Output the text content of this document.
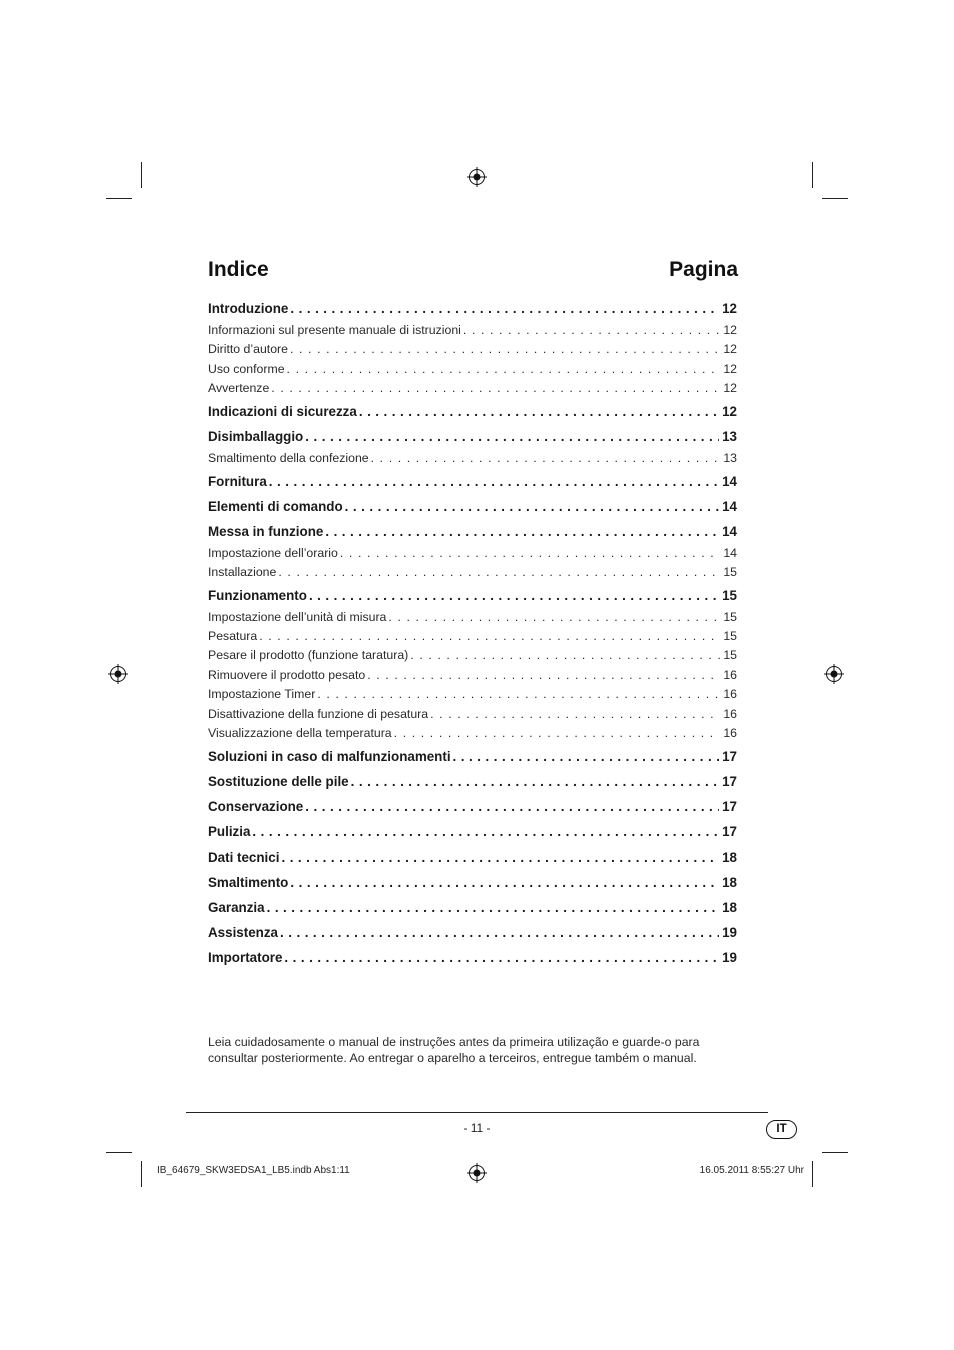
Indice	Pagina
Introduzione . . .	12
Informazioni sul presente manuale di istruzioni . . .	12
Diritto d’autore . . .	12
Uso conforme . . .	12
Avvertenze . . .	12
Indicazioni di sicurezza . . .	12
Disimballaggio . . .	13
Smaltimento della confezione . . .	13
Fornitura . . .	14
Elementi di comando . . .	14
Messa in funzione . . .	14
Impostazione dell’orario . . .	14
Installazione . . .	15
Funzionamento . . .	15
Impostazione dell’unità di misura . . .	15
Pesatura . . .	15
Pesare il prodotto (funzione taratura) . . .	15
Rimuovere il prodotto pesato . . .	16
Impostazione Timer . . .	16
Disattivazione della funzione di pesatura . . .	16
Visualizzazione della temperatura . . .	16
Soluzioni in caso di malfunzionamenti . . .	17
Sostituzione delle pile . . .	17
Conservazione . . .	17
Pulizia . . .	17
Dati tecnici . . .	18
Smaltimento . . .	18
Garanzia . . .	18
Assistenza . . .	19
Importatore . . .	19

Leia cuidadosamente o manual de instruções antes da primeira utilização e guarde-o para consultar posteriormente. Ao entregar o aparelho a terceiros, entregue também o manual.

- 11 -	IT
IB_64679_SKW3EDSA1_LB5.indb Abs1:11	16.05.2011 8:55:27 Uhr
